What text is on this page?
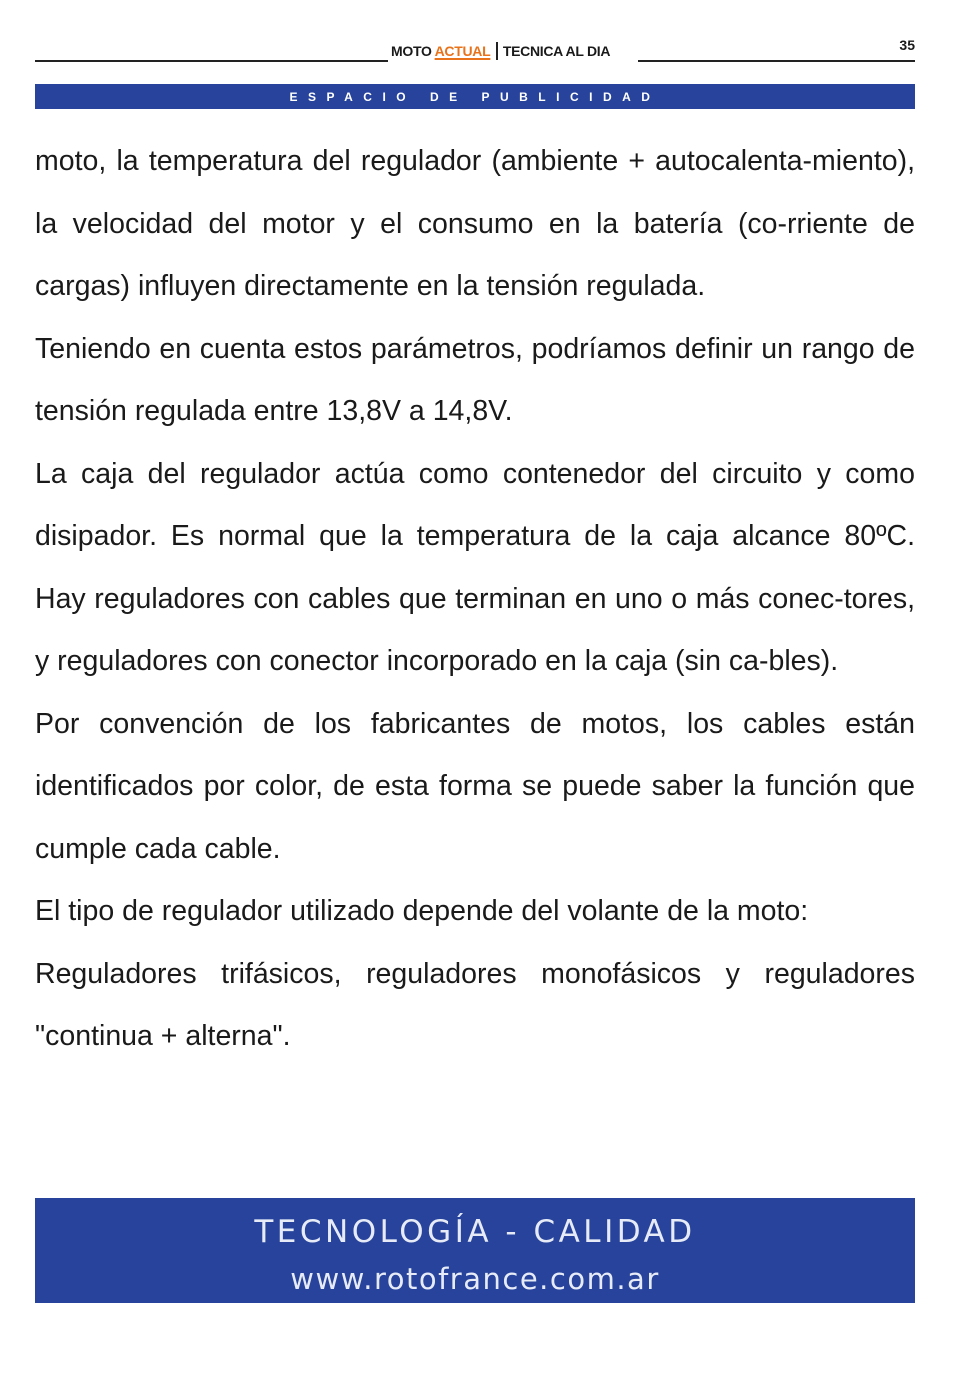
MOTO ACTUAL TECNICA AL DIA	35
ESPACIO DE PUBLICIDAD

moto, la temperatura del regulador (ambiente + autocalenta-miento), la velocidad del motor y el consumo en la batería (co-rriente de cargas) influyen directamente en la tensión regulada.

Teniendo en cuenta estos parámetros, podríamos definir un rango de tensión regulada entre 13,8V a 14,8V.

La caja del regulador actúa como contenedor del circuito y como disipador. Es normal que la temperatura de la caja alcance 80ºC.

Hay reguladores con cables que terminan en uno o más conec-tores, y reguladores con conector incorporado en la caja (sin ca-bles).

Por convención de los fabricantes de motos, los cables están identificados por color, de esta forma se puede saber la función que cumple cada cable.

El tipo de regulador utilizado depende del volante de la moto:

Reguladores trifásicos, reguladores monofásicos y reguladores "continua + alterna".

TECNOLOGÍA - CALIDAD
www.rotofrance.com.ar
